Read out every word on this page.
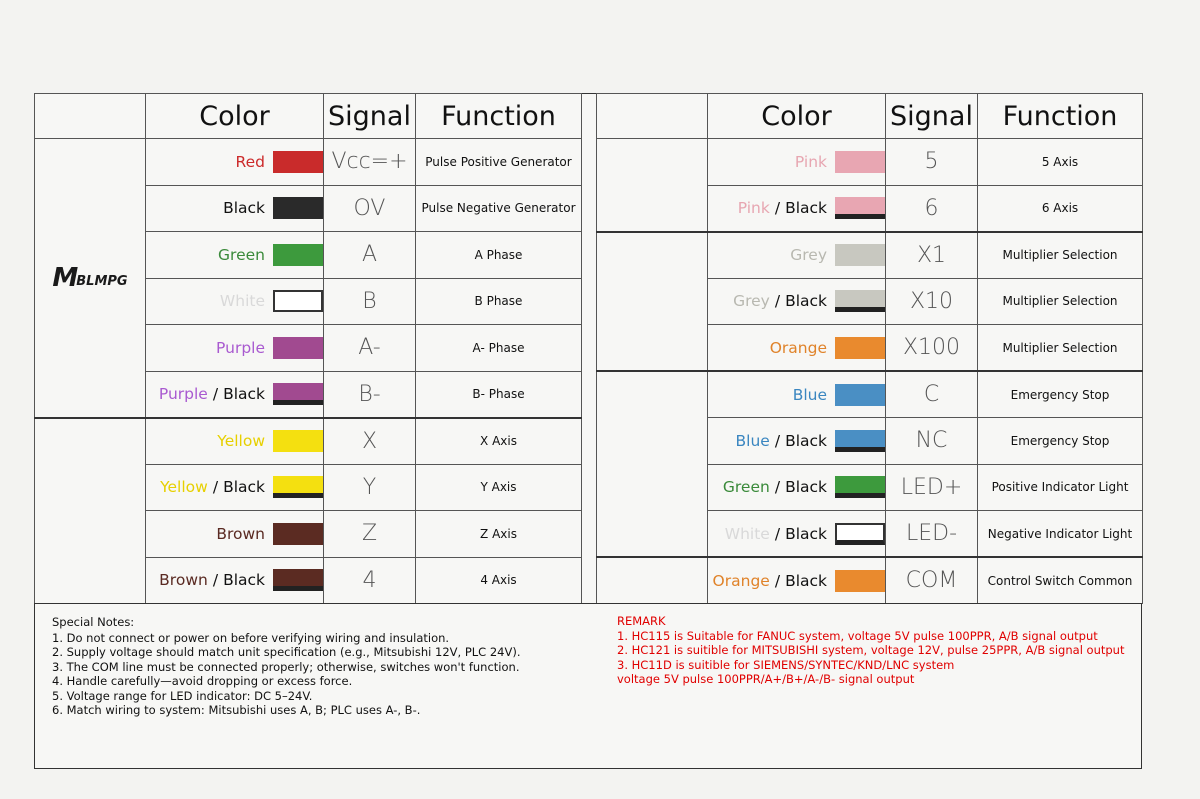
	Color	Signal	Function

M BLMPG	Red	Vcc=+	Pulse Positive Generator

	Black	OV	Pulse Negative Generator

	Green	A	A Phase

	White	B	B Phase

	Purple	A-	A- Phase

	Purple / Black	B-	B- Phase

	Yellow	X	X Axis

	Yellow / Black	Y	Y Axis

	Brown	Z	Z Axis

	Brown / Black	4	4 Axis
	Color	Signal	Function

	Pink	5	5 Axis

	Pink / Black	6	6 Axis

	Grey	X1	Multiplier Selection

	Grey / Black	X10	Multiplier Selection

	Orange	X100	Multiplier Selection

	Blue	C	Emergency Stop

	Blue / Black	NC	Emergency Stop

	Green / Black	LED+	Positive Indicator Light

	White / Black	LED-	Negative Indicator Light

	Orange / Black	COM	Control Switch Common
Special Notes:
1. Do not connect or power on before verifying wiring and insulation.
2. Supply voltage should match unit specification (e.g., Mitsubishi 12V, PLC 24V).
3. The COM line must be connected properly; otherwise, switches won't function.
4. Handle carefully—avoid dropping or excess force.
5. Voltage range for LED indicator: DC 5–24V.
6. Match wiring to system: Mitsubishi uses A, B; PLC uses A-, B-.
REMARK
1. HC115 is Suitable for FANUC system, voltage 5V pulse 100PPR, A/B signal output
2. HC121 is suitible for MITSUBISHI system, voltage 12V, pulse 25PPR, A/B signal output
3. HC11D is suitible for SIEMENS/SYNTEC/KND/LNC system
voltage 5V pulse 100PPR/A+/B+/A-/B- signal output
